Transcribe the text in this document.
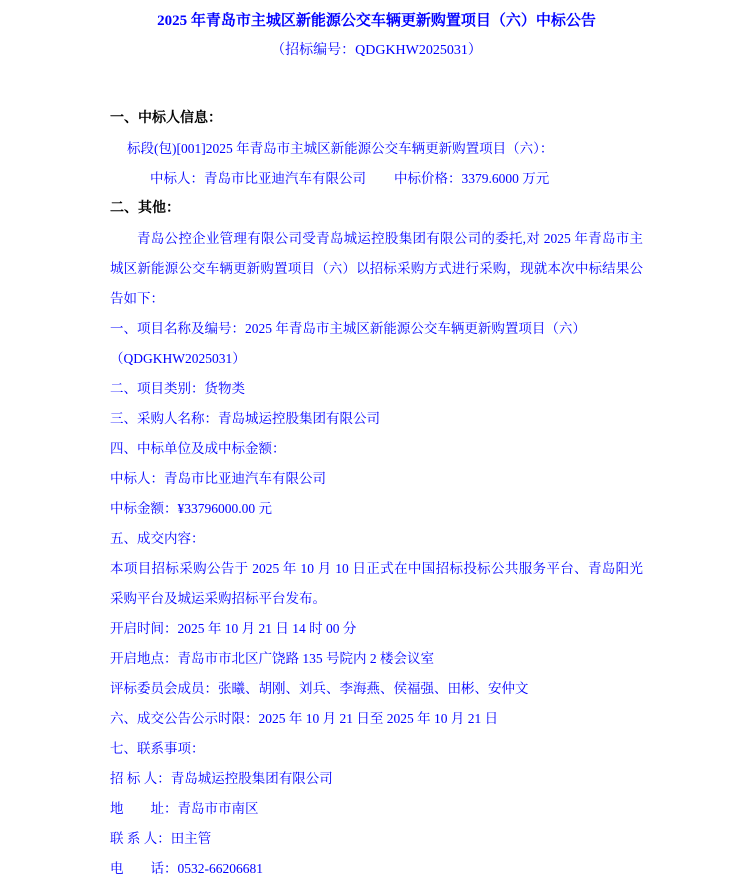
2025 年青岛市主城区新能源公交车辆更新购置项目（六）中标公告
（招标编号：QDGKHW2025031）
一、中标人信息：
标段(包)[001]2025 年青岛市主城区新能源公交车辆更新购置项目（六）：
中标人：青岛市比亚迪汽车有限公司 中标价格：3379.6000 万元
二、其他：
青岛公控企业管理有限公司受青岛城运控股集团有限公司的委托,对 2025 年青岛市主城区新能源公交车辆更新购置项目（六）以招标采购方式进行采购，现就本次中标结果公告如下：
一、项目名称及编号：2025 年青岛市主城区新能源公交车辆更新购置项目（六）
（QDGKHW2025031）
二、项目类别：货物类
三、采购人名称：青岛城运控股集团有限公司
四、中标单位及成中标金额：
中标人：青岛市比亚迪汽车有限公司
中标金额：¥33796000.00 元
五、成交内容：
本项目招标采购公告于 2025 年 10 月 10 日正式在中国招标投标公共服务平台、青岛阳光采购平台及城运采购招标平台发布。
开启时间：2025 年 10 月 21 日 14 时 00 分
开启地点：青岛市市北区广饶路 135 号院内 2 楼会议室
评标委员会成员：张曦、胡刚、刘兵、李海燕、侯福强、田彬、安仲文
六、成交公告公示时限：2025 年 10 月 21 日至 2025 年 10 月 21 日
七、联系事项：
招 标 人：青岛城运控股集团有限公司
地　　址：青岛市市南区
联 系 人：田主管
电　　话：0532-66206681
